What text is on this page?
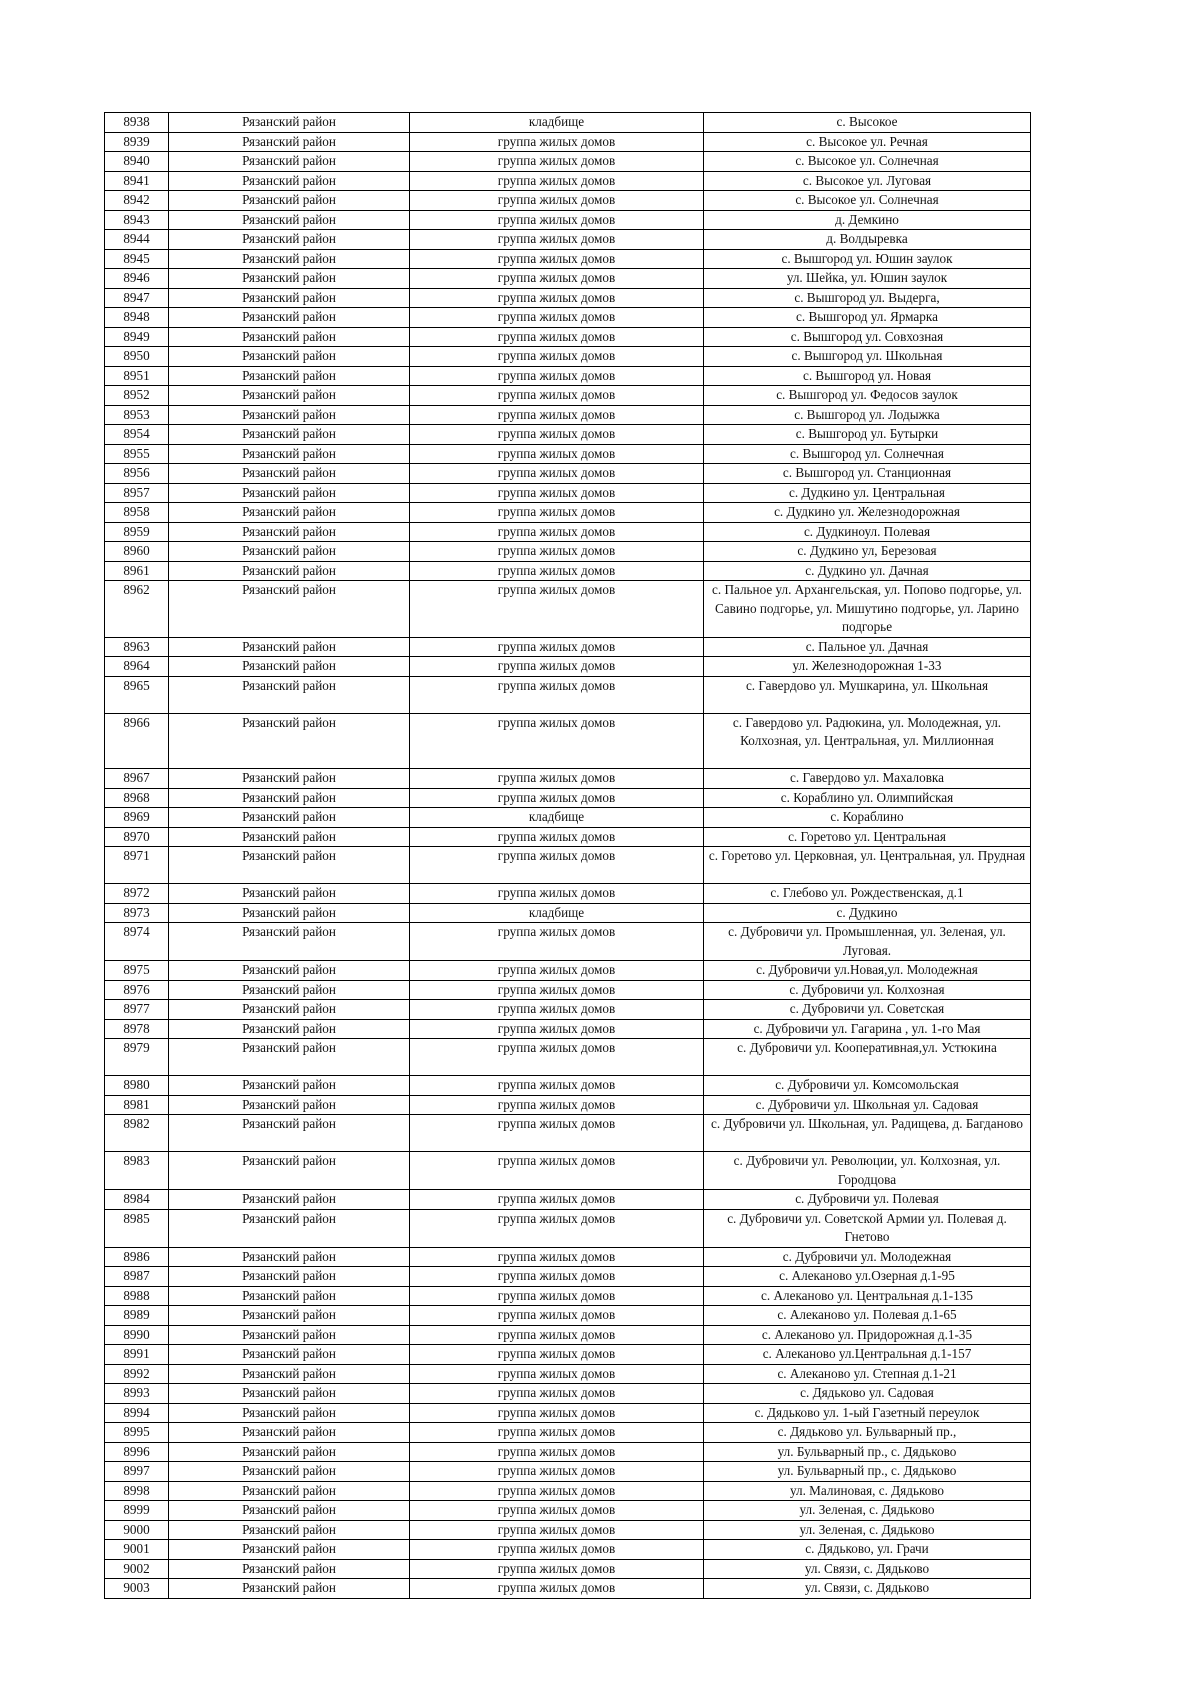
8938	Рязанский район	кладбище	с. Высокое
8939	Рязанский район	группа жилых домов	с. Высокое ул. Речная
8940	Рязанский район	группа жилых домов	с. Высокое ул. Солнечная
8941	Рязанский район	группа жилых домов	с. Высокое ул. Луговая
8942	Рязанский район	группа жилых домов	с. Высокое ул. Солнечная
8943	Рязанский район	группа жилых домов	д. Демкино
8944	Рязанский район	группа жилых домов	д. Волдыревка
8945	Рязанский район	группа жилых домов	с. Вышгород ул. Юшин заулок
8946	Рязанский район	группа жилых домов	ул. Шейка, ул. Юшин заулок
8947	Рязанский район	группа жилых домов	с. Вышгород ул. Выдерга,
8948	Рязанский район	группа жилых домов	с. Вышгород ул. Ярмарка
8949	Рязанский район	группа жилых домов	с. Вышгород ул. Совхозная
8950	Рязанский район	группа жилых домов	с. Вышгород ул. Школьная
8951	Рязанский район	группа жилых домов	с. Вышгород ул. Новая
8952	Рязанский район	группа жилых домов	с. Вышгород ул. Федосов заулок
8953	Рязанский район	группа жилых домов	с. Вышгород ул. Лодыжка
8954	Рязанский район	группа жилых домов	с. Вышгород ул. Бутырки
8955	Рязанский район	группа жилых домов	с. Вышгород ул. Солнечная
8956	Рязанский район	группа жилых домов	с. Вышгород ул. Станционная
8957	Рязанский район	группа жилых домов	с. Дудкино ул. Центральная
8958	Рязанский район	группа жилых домов	с. Дудкино ул. Железнодорожная
8959	Рязанский район	группа жилых домов	с. Дудкиноул. Полевая
8960	Рязанский район	группа жилых домов	с. Дудкино ул, Березовая
8961	Рязанский район	группа жилых домов	с. Дудкино ул. Дачная
8962	Рязанский район	группа жилых домов	с. Пальное ул. Архангельская, ул. Попово подгорье, ул. Савино подгорье, ул. Мишутино подгорье, ул. Ларино подгорье
8963	Рязанский район	группа жилых домов	с. Пальное ул. Дачная
8964	Рязанский район	группа жилых домов	ул. Железнодорожная 1-33
8965	Рязанский район	группа жилых домов	с. Гавердово ул. Мушкарина, ул. Школьная
8966	Рязанский район	группа жилых домов	с. Гавердово ул. Радюкина, ул. Молодежная, ул. Колхозная, ул. Центральная, ул. Миллионная
8967	Рязанский район	группа жилых домов	с. Гавердово ул. Махаловка
8968	Рязанский район	группа жилых домов	с. Кораблино ул. Олимпийская
8969	Рязанский район	кладбище	с. Кораблино
8970	Рязанский район	группа жилых домов	с. Горетово ул. Центральная
8971	Рязанский район	группа жилых домов	с. Горетово ул. Церковная, ул. Центральная, ул. Прудная
8972	Рязанский район	группа жилых домов	с. Глебово ул. Рождественская, д.1
8973	Рязанский район	кладбище	с. Дудкино
8974	Рязанский район	группа жилых домов	с. Дубровичи ул. Промышленная, ул. Зеленая, ул. Луговая.
8975	Рязанский район	группа жилых домов	с. Дубровичи ул.Новая,ул. Молодежная
8976	Рязанский район	группа жилых домов	с. Дубровичи ул. Колхозная
8977	Рязанский район	группа жилых домов	с. Дубровичи ул. Советская
8978	Рязанский район	группа жилых домов	с. Дубровичи ул. Гагарина , ул. 1-го Мая
8979	Рязанский район	группа жилых домов	с. Дубровичи ул. Кооперативная,ул. Устюкина
8980	Рязанский район	группа жилых домов	с. Дубровичи ул. Комсомольская
8981	Рязанский район	группа жилых домов	с. Дубровичи ул. Школьная ул. Садовая
8982	Рязанский район	группа жилых домов	с. Дубровичи ул. Школьная, ул. Радищева, д. Багданово
8983	Рязанский район	группа жилых домов	с. Дубровичи ул. Революции, ул. Колхозная, ул. Городцова
8984	Рязанский район	группа жилых домов	с. Дубровичи ул. Полевая
8985	Рязанский район	группа жилых домов	с. Дубровичи ул. Советской Армии ул. Полевая д. Гнетово
8986	Рязанский район	группа жилых домов	с. Дубровичи ул. Молодежная
8987	Рязанский район	группа жилых домов	с. Алеканово ул.Озерная д.1-95
8988	Рязанский район	группа жилых домов	с. Алеканово ул. Центральная д.1-135
8989	Рязанский район	группа жилых домов	с. Алеканово ул. Полевая д.1-65
8990	Рязанский район	группа жилых домов	с. Алеканово ул. Придорожная д.1-35
8991	Рязанский район	группа жилых домов	с. Алеканово ул.Центральная д.1-157
8992	Рязанский район	группа жилых домов	с. Алеканово ул. Степная д.1-21
8993	Рязанский район	группа жилых домов	с. Дядьково ул. Садовая
8994	Рязанский район	группа жилых домов	с. Дядьково ул. 1-ый Газетный переулок
8995	Рязанский район	группа жилых домов	с. Дядьково ул. Бульварный пр.,
8996	Рязанский район	группа жилых домов	ул. Бульварный пр., с. Дядьково
8997	Рязанский район	группа жилых домов	ул. Бульварный пр., с. Дядьково
8998	Рязанский район	группа жилых домов	ул. Малиновая, с. Дядьково
8999	Рязанский район	группа жилых домов	ул. Зеленая, с. Дядьково
9000	Рязанский район	группа жилых домов	ул. Зеленая, с. Дядьково
9001	Рязанский район	группа жилых домов	с. Дядьково, ул. Грачи
9002	Рязанский район	группа жилых домов	ул. Связи, с. Дядьково
9003	Рязанский район	группа жилых домов	ул. Связи, с. Дядьково
